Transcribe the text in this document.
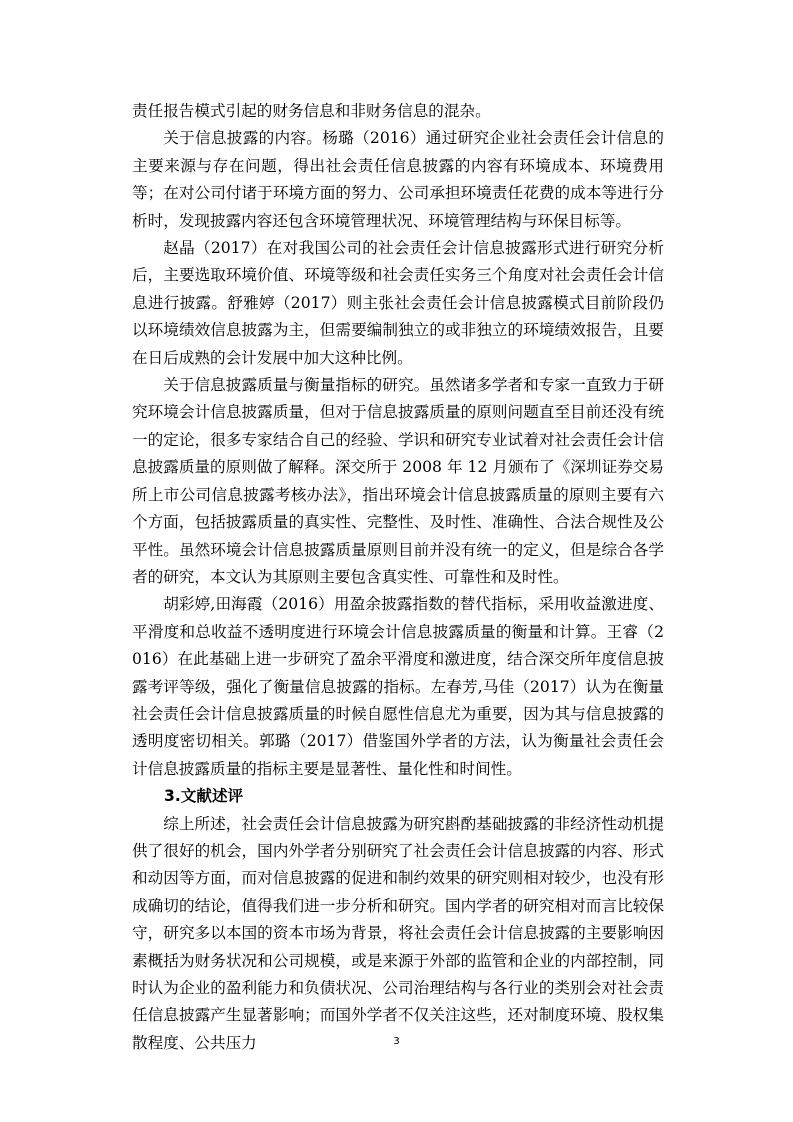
责任报告模式引起的财务信息和非财务信息的混杂。

关于信息披露的内容。杨璐（2016）通过研究企业社会责任会计信息的主要来源与存在问题，得出社会责任信息披露的内容有环境成本、环境费用等；在对公司付诸于环境方面的努力、公司承担环境责任花费的成本等进行分析时，发现披露内容还包含环境管理状况、环境管理结构与环保目标等。

赵晶（2017）在对我国公司的社会责任会计信息披露形式进行研究分析后，主要选取环境价值、环境等级和社会责任实务三个角度对社会责任会计信息进行披露。舒雅婷（2017）则主张社会责任会计信息披露模式目前阶段仍以环境绩效信息披露为主，但需要编制独立的或非独立的环境绩效报告，且要在日后成熟的会计发展中加大这种比例。

关于信息披露质量与衡量指标的研究。虽然诸多学者和专家一直致力于研究环境会计信息披露质量，但对于信息披露质量的原则问题直至目前还没有统一的定论，很多专家结合自己的经验、学识和研究专业试着对社会责任会计信息披露质量的原则做了解释。深交所于 2008 年 12 月颁布了《深圳证券交易所上市公司信息披露考核办法》，指出环境会计信息披露质量的原则主要有六个方面，包括披露质量的真实性、完整性、及时性、准确性、合法合规性及公平性。虽然环境会计信息披露质量原则目前并没有统一的定义，但是综合各学者的研究，本文认为其原则主要包含真实性、可靠性和及时性。

胡彩婷,田海霞（2016）用盈余披露指数的替代指标，采用收益激进度、平滑度和总收益不透明度进行环境会计信息披露质量的衡量和计算。王睿（2016）在此基础上进一步研究了盈余平滑度和激进度，结合深交所年度信息披露考评等级，强化了衡量信息披露的指标。左春芳,马佳（2017）认为在衡量社会责任会计信息披露质量的时候自愿性信息尤为重要，因为其与信息披露的透明度密切相关。郭璐（2017）借鉴国外学者的方法，认为衡量社会责任会计信息披露质量的指标主要是显著性、量化性和时间性。

3.文献述评

综上所述，社会责任会计信息披露为研究斟酌基础披露的非经济性动机提供了很好的机会，国内外学者分别研究了社会责任会计信息披露的内容、形式和动因等方面，而对信息披露的促进和制约效果的研究则相对较少，也没有形成确切的结论，值得我们进一步分析和研究。国内学者的研究相对而言比较保守，研究多以本国的资本市场为背景，将社会责任会计信息披露的主要影响因素概括为财务状况和公司规模，或是来源于外部的监管和企业的内部控制，同时认为企业的盈利能力和负债状况、公司治理结构与各行业的类别会对社会责任信息披露产生显著影响；而国外学者不仅关注这些，还对制度环境、股权集散程度、公共压力	3
